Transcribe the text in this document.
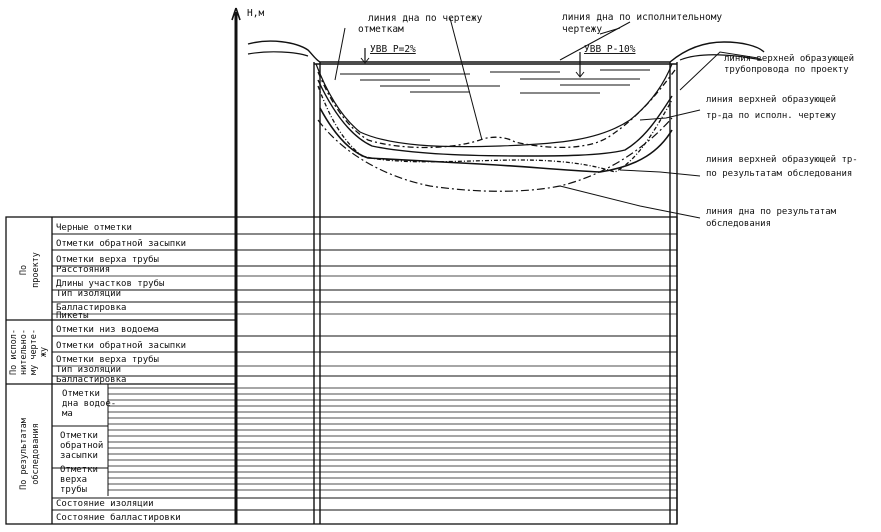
Н,м
УВВ Р=2%	УВВ Р-10%
линия дна по чертежу
отметкам
линия дна по исполнительному
чертежу
линия верхней образующей
трубопровода по проекту
линия верхней образующей
тр-да по исполн. чертежу
линия верхней образующей тр-
по результатам обследования
линия дна по результатам
обследования
По проекту
По испол- нительно- му черте- жу
По результатам обследования
Черные отметки
Отметки обратной засыпки
Отметки верха трубы
Расстояния
Длины участков трубы
Тип изоляции
Балластировка
Пикеты
Отметки низ водоема
Отметки обратной засыпки
Отметки верха трубы
Тип изоляции
Балластировка
Отметки
дна водое-
ма
Отметки
обратной
засыпки
Отметки
верха
трубы
Состояние изоляции
Состояние балластировки
